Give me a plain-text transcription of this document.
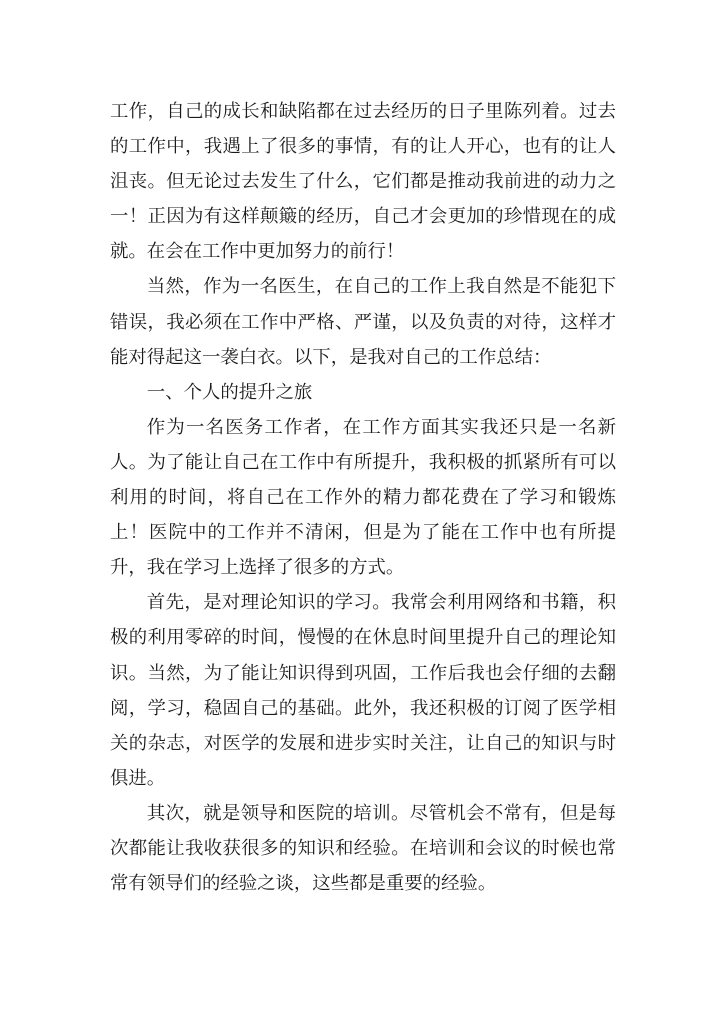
工作，自己的成长和缺陷都在过去经历的日子里陈列着。过去的工作中，我遇上了很多的事情，有的让人开心，也有的让人沮丧。但无论过去发生了什么，它们都是推动我前进的动力之一！正因为有这样颠簸的经历，自己才会更加的珍惜现在的成就。在会在工作中更加努力的前行！

当然，作为一名医生，在自己的工作上我自然是不能犯下错误，我必须在工作中严格、严谨，以及负责的对待，这样才能对得起这一袭白衣。以下，是我对自己的工作总结：

一、个人的提升之旅

作为一名医务工作者，在工作方面其实我还只是一名新人。为了能让自己在工作中有所提升，我积极的抓紧所有可以利用的时间，将自己在工作外的精力都花费在了学习和锻炼上！医院中的工作并不清闲，但是为了能在工作中也有所提升，我在学习上选择了很多的方式。

首先，是对理论知识的学习。我常会利用网络和书籍，积极的利用零碎的时间，慢慢的在休息时间里提升自己的理论知识。当然，为了能让知识得到巩固，工作后我也会仔细的去翻阅，学习，稳固自己的基础。此外，我还积极的订阅了医学相关的杂志，对医学的发展和进步实时关注，让自己的知识与时俱进。

其次，就是领导和医院的培训。尽管机会不常有，但是每次都能让我收获很多的知识和经验。在培训和会议的时候也常常有领导们的经验之谈，这些都是重要的经验。
